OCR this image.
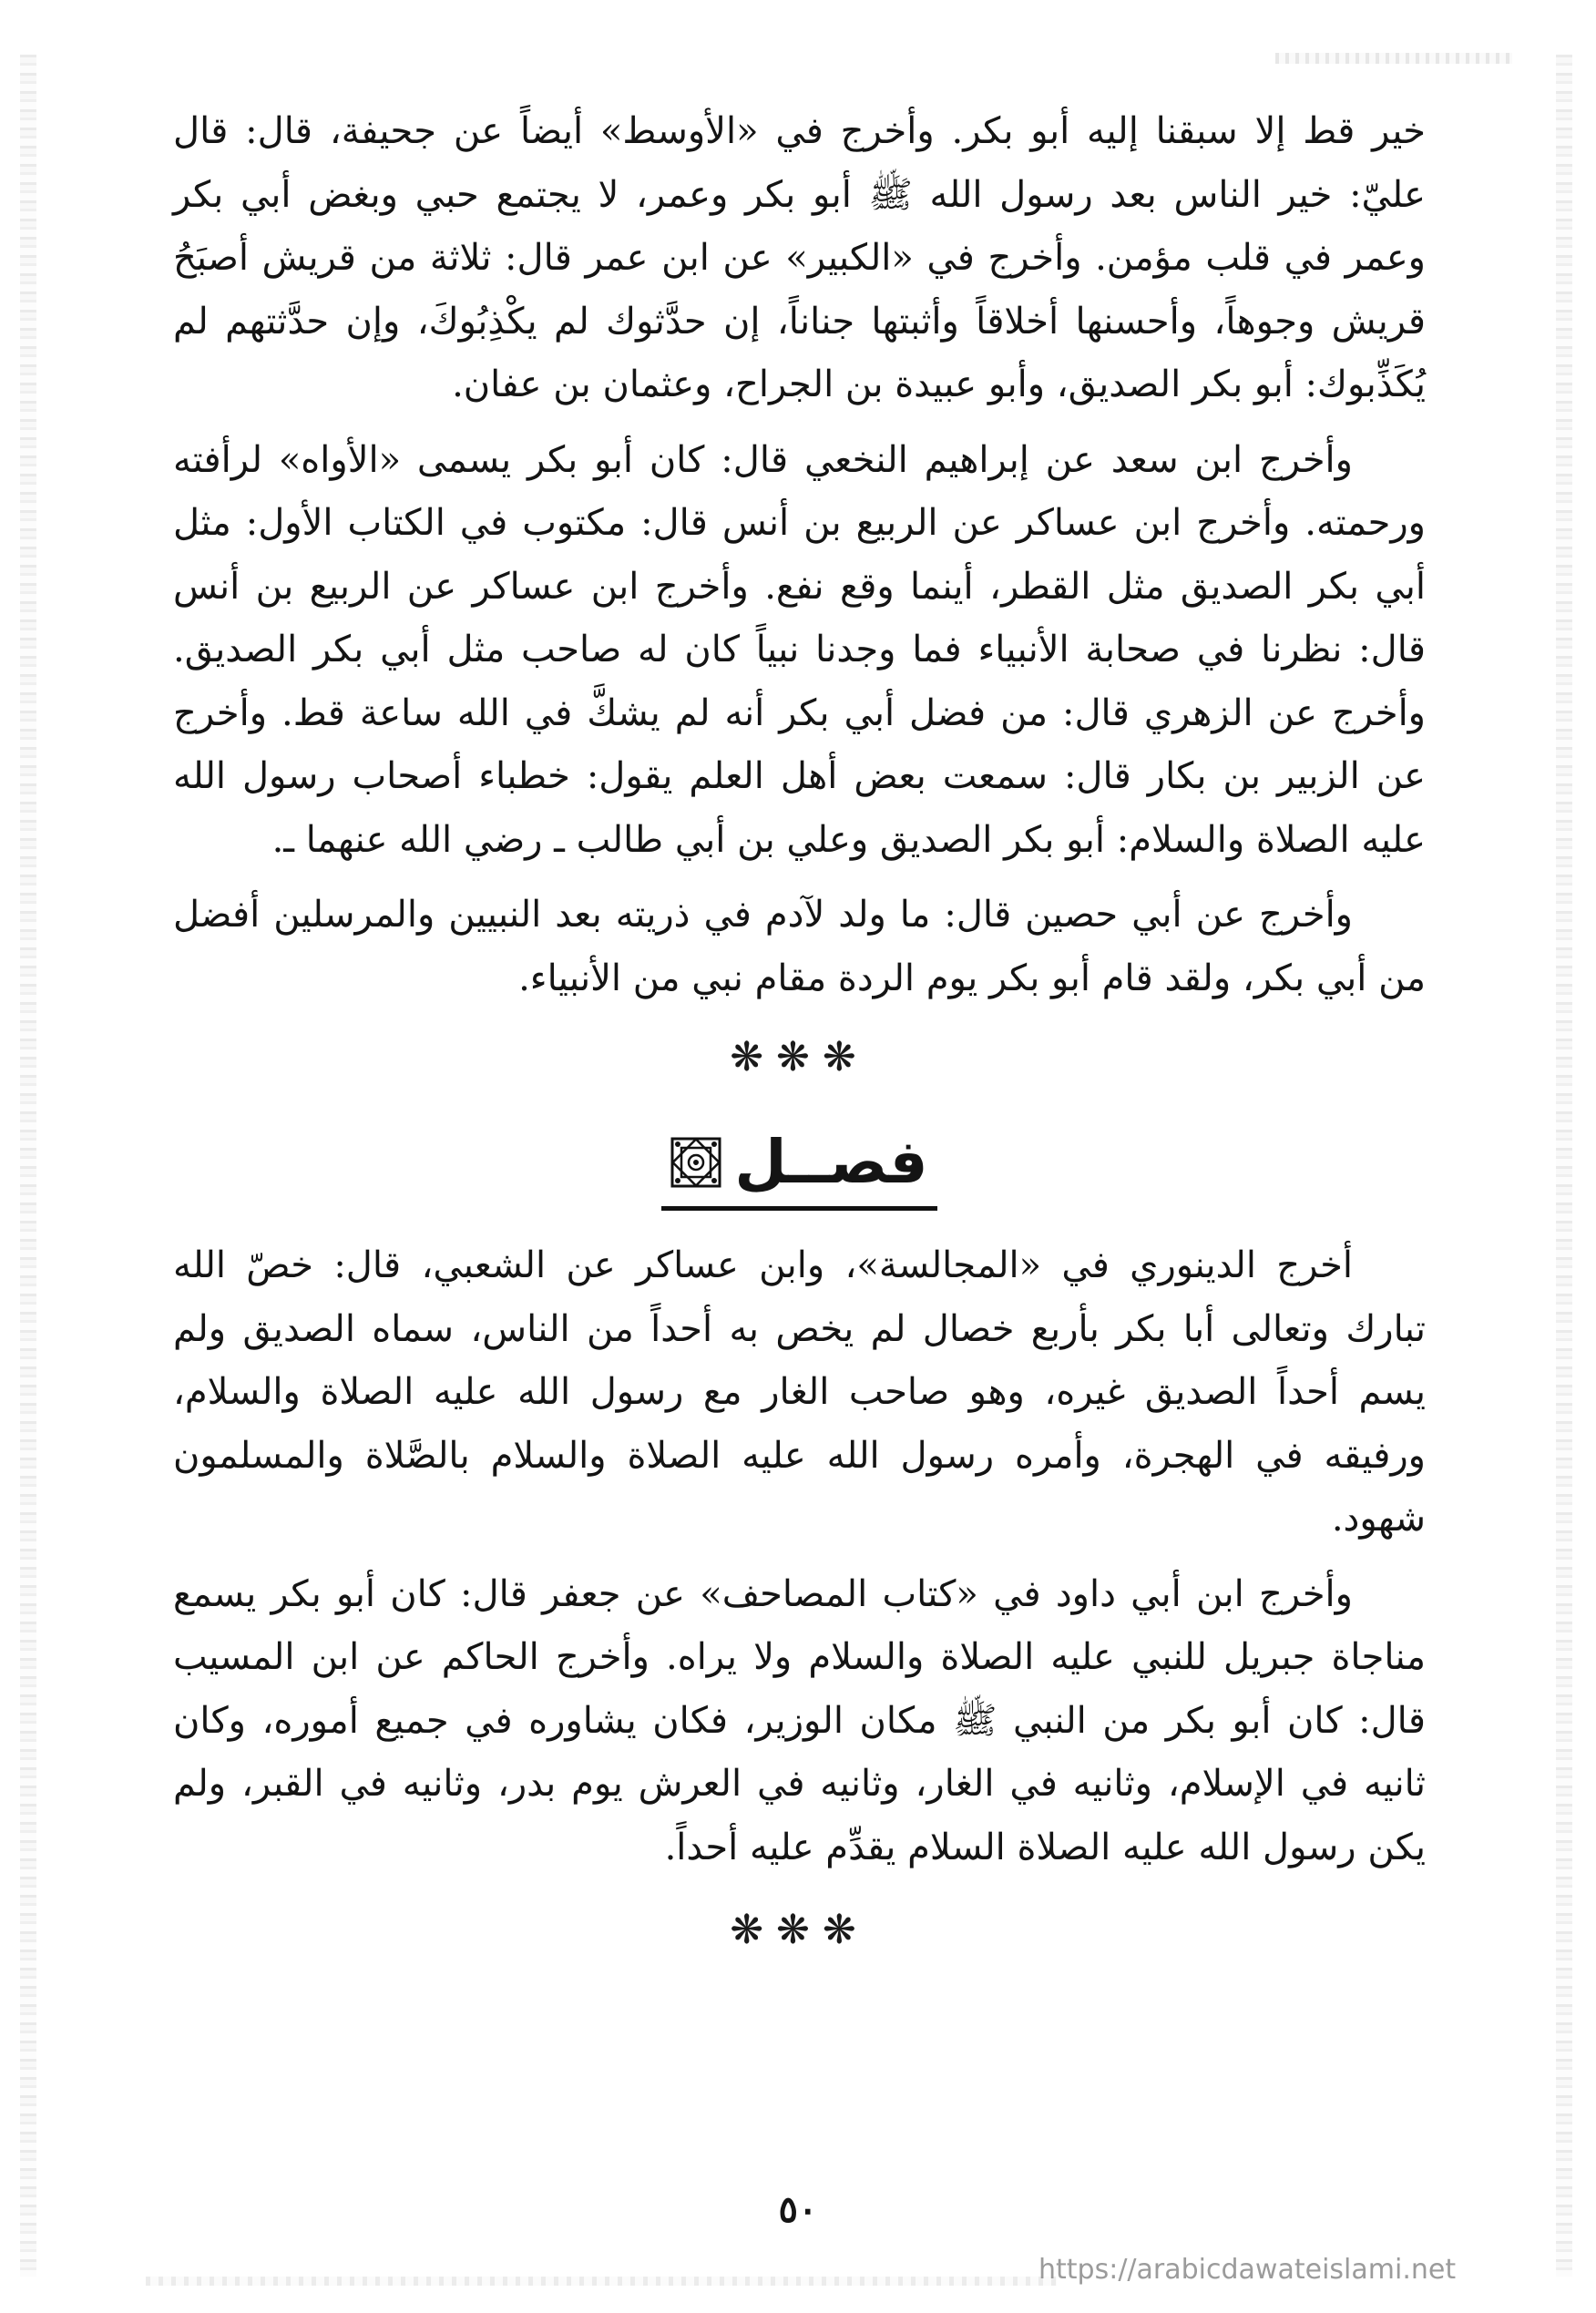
خير قط إلا سبقنا إليه أبو بكر. وأخرج في «الأوسط» أيضاً عن جحيفة، قال: قال عليّ: خير الناس بعد رسول الله ﷺ أبو بكر وعمر، لا يجتمع حبي وبغض أبي بكر وعمر في قلب مؤمن. وأخرج في «الكبير» عن ابن عمر قال: ثلاثة من قريش أصبَحُ قريش وجوهاً، وأحسنها أخلاقاً وأثبتها جناناً، إن حدَّثوك لم يكْذِبُوكَ، وإن حدَّثتهم لم يُكَذِّبوك: أبو بكر الصديق، وأبو عبيدة بن الجراح، وعثمان بن عفان.

وأخرج ابن سعد عن إبراهيم النخعي قال: كان أبو بكر يسمى «الأواه» لرأفته ورحمته. وأخرج ابن عساكر عن الربيع بن أنس قال: مكتوب في الكتاب الأول: مثل أبي بكر الصديق مثل القطر، أينما وقع نفع. وأخرج ابن عساكر عن الربيع بن أنس قال: نظرنا في صحابة الأنبياء فما وجدنا نبياً كان له صاحب مثل أبي بكر الصديق. وأخرج عن الزهري قال: من فضل أبي بكر أنه لم يشكَّ في الله ساعة قط. وأخرج عن الزبير بن بكار قال: سمعت بعض أهل العلم يقول: خطباء أصحاب رسول الله عليه الصلاة والسلام: أبو بكر الصديق وعلي بن أبي طالب ـ رضي الله عنهما ـ.

وأخرج عن أبي حصين قال: ما ولد لآدم في ذريته بعد النبيين والمرسلين أفضل من أبي بكر، ولقد قام أبو بكر يوم الردة مقام نبي من الأنبياء.

❋❋❋
فصــل

أخرج الدينوري في «المجالسة»، وابن عساكر عن الشعبي، قال: خصّ الله تبارك وتعالى أبا بكر بأربع خصال لم يخص به أحداً من الناس، سماه الصديق ولم يسم أحداً الصديق غيره، وهو صاحب الغار مع رسول الله عليه الصلاة والسلام، ورفيقه في الهجرة، وأمره رسول الله عليه الصلاة والسلام بالصَّلاة والمسلمون شهود.

وأخرج ابن أبي داود في «كتاب المصاحف» عن جعفر قال: كان أبو بكر يسمع مناجاة جبريل للنبي عليه الصلاة والسلام ولا يراه. وأخرج الحاكم عن ابن المسيب قال: كان أبو بكر من النبي ﷺ مكان الوزير، فكان يشاوره في جميع أموره، وكان ثانيه في الإسلام، وثانيه في الغار، وثانيه في العرش يوم بدر، وثانيه في القبر، ولم يكن رسول الله عليه الصلاة السلام يقدِّم عليه أحداً.

❋❋❋
٥٠
https://arabicdawateislami.net
